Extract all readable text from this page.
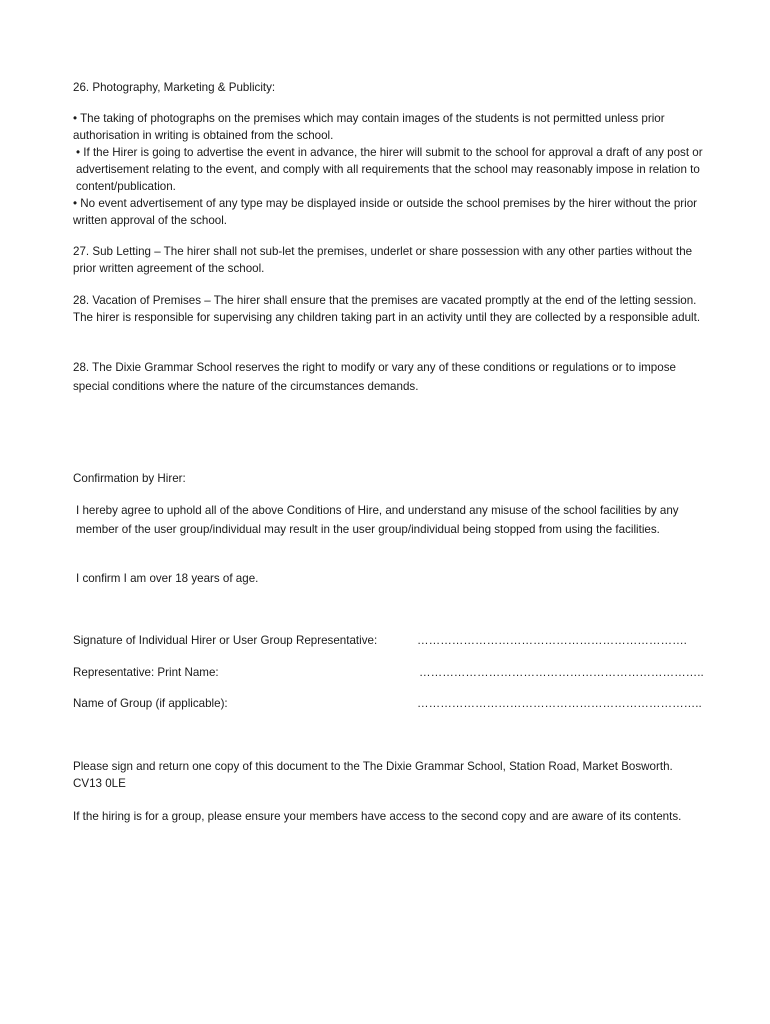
26. Photography, Marketing & Publicity:

• The taking of photographs on the premises which may contain images of the students is not permitted unless prior authorisation in writing is obtained from the school.

• If the Hirer is going to advertise the event in advance, the hirer will submit to the school for approval a draft of any post or advertisement relating to the event, and comply with all requirements that the school may reasonably impose in relation to content/publication.

• No event advertisement of any type may be displayed inside or outside the school premises by the hirer without the prior written approval of the school.

27. Sub Letting – The hirer shall not sub-let the premises, underlet or share possession with any other parties without the prior written agreement of the school.

28. Vacation of Premises – The hirer shall ensure that the premises are vacated promptly at the end of the letting session. The hirer is responsible for supervising any children taking part in an activity until they are collected by a responsible adult.

28. The Dixie Grammar School reserves the right to modify or vary any of these conditions or regulations or to impose special conditions where the nature of the circumstances demands.

Confirmation by Hirer:

I hereby agree to uphold all of the above Conditions of Hire, and understand any misuse of the school facilities by any member of the user group/individual may result in the user group/individual being stopped from using the facilities.

I confirm I am over 18 years of age.

Signature of Individual Hirer or User Group Representative:	…………………………………………………………….
Representative: Print Name:	………………………………………………………………..
Name of Group (if applicable):	………………………………………………………………..

Please sign and return one copy of this document to the The Dixie Grammar School, Station Road, Market Bosworth. CV13 0LE

If the hiring is for a group, please ensure your members have access to the second copy and are aware of its contents.
